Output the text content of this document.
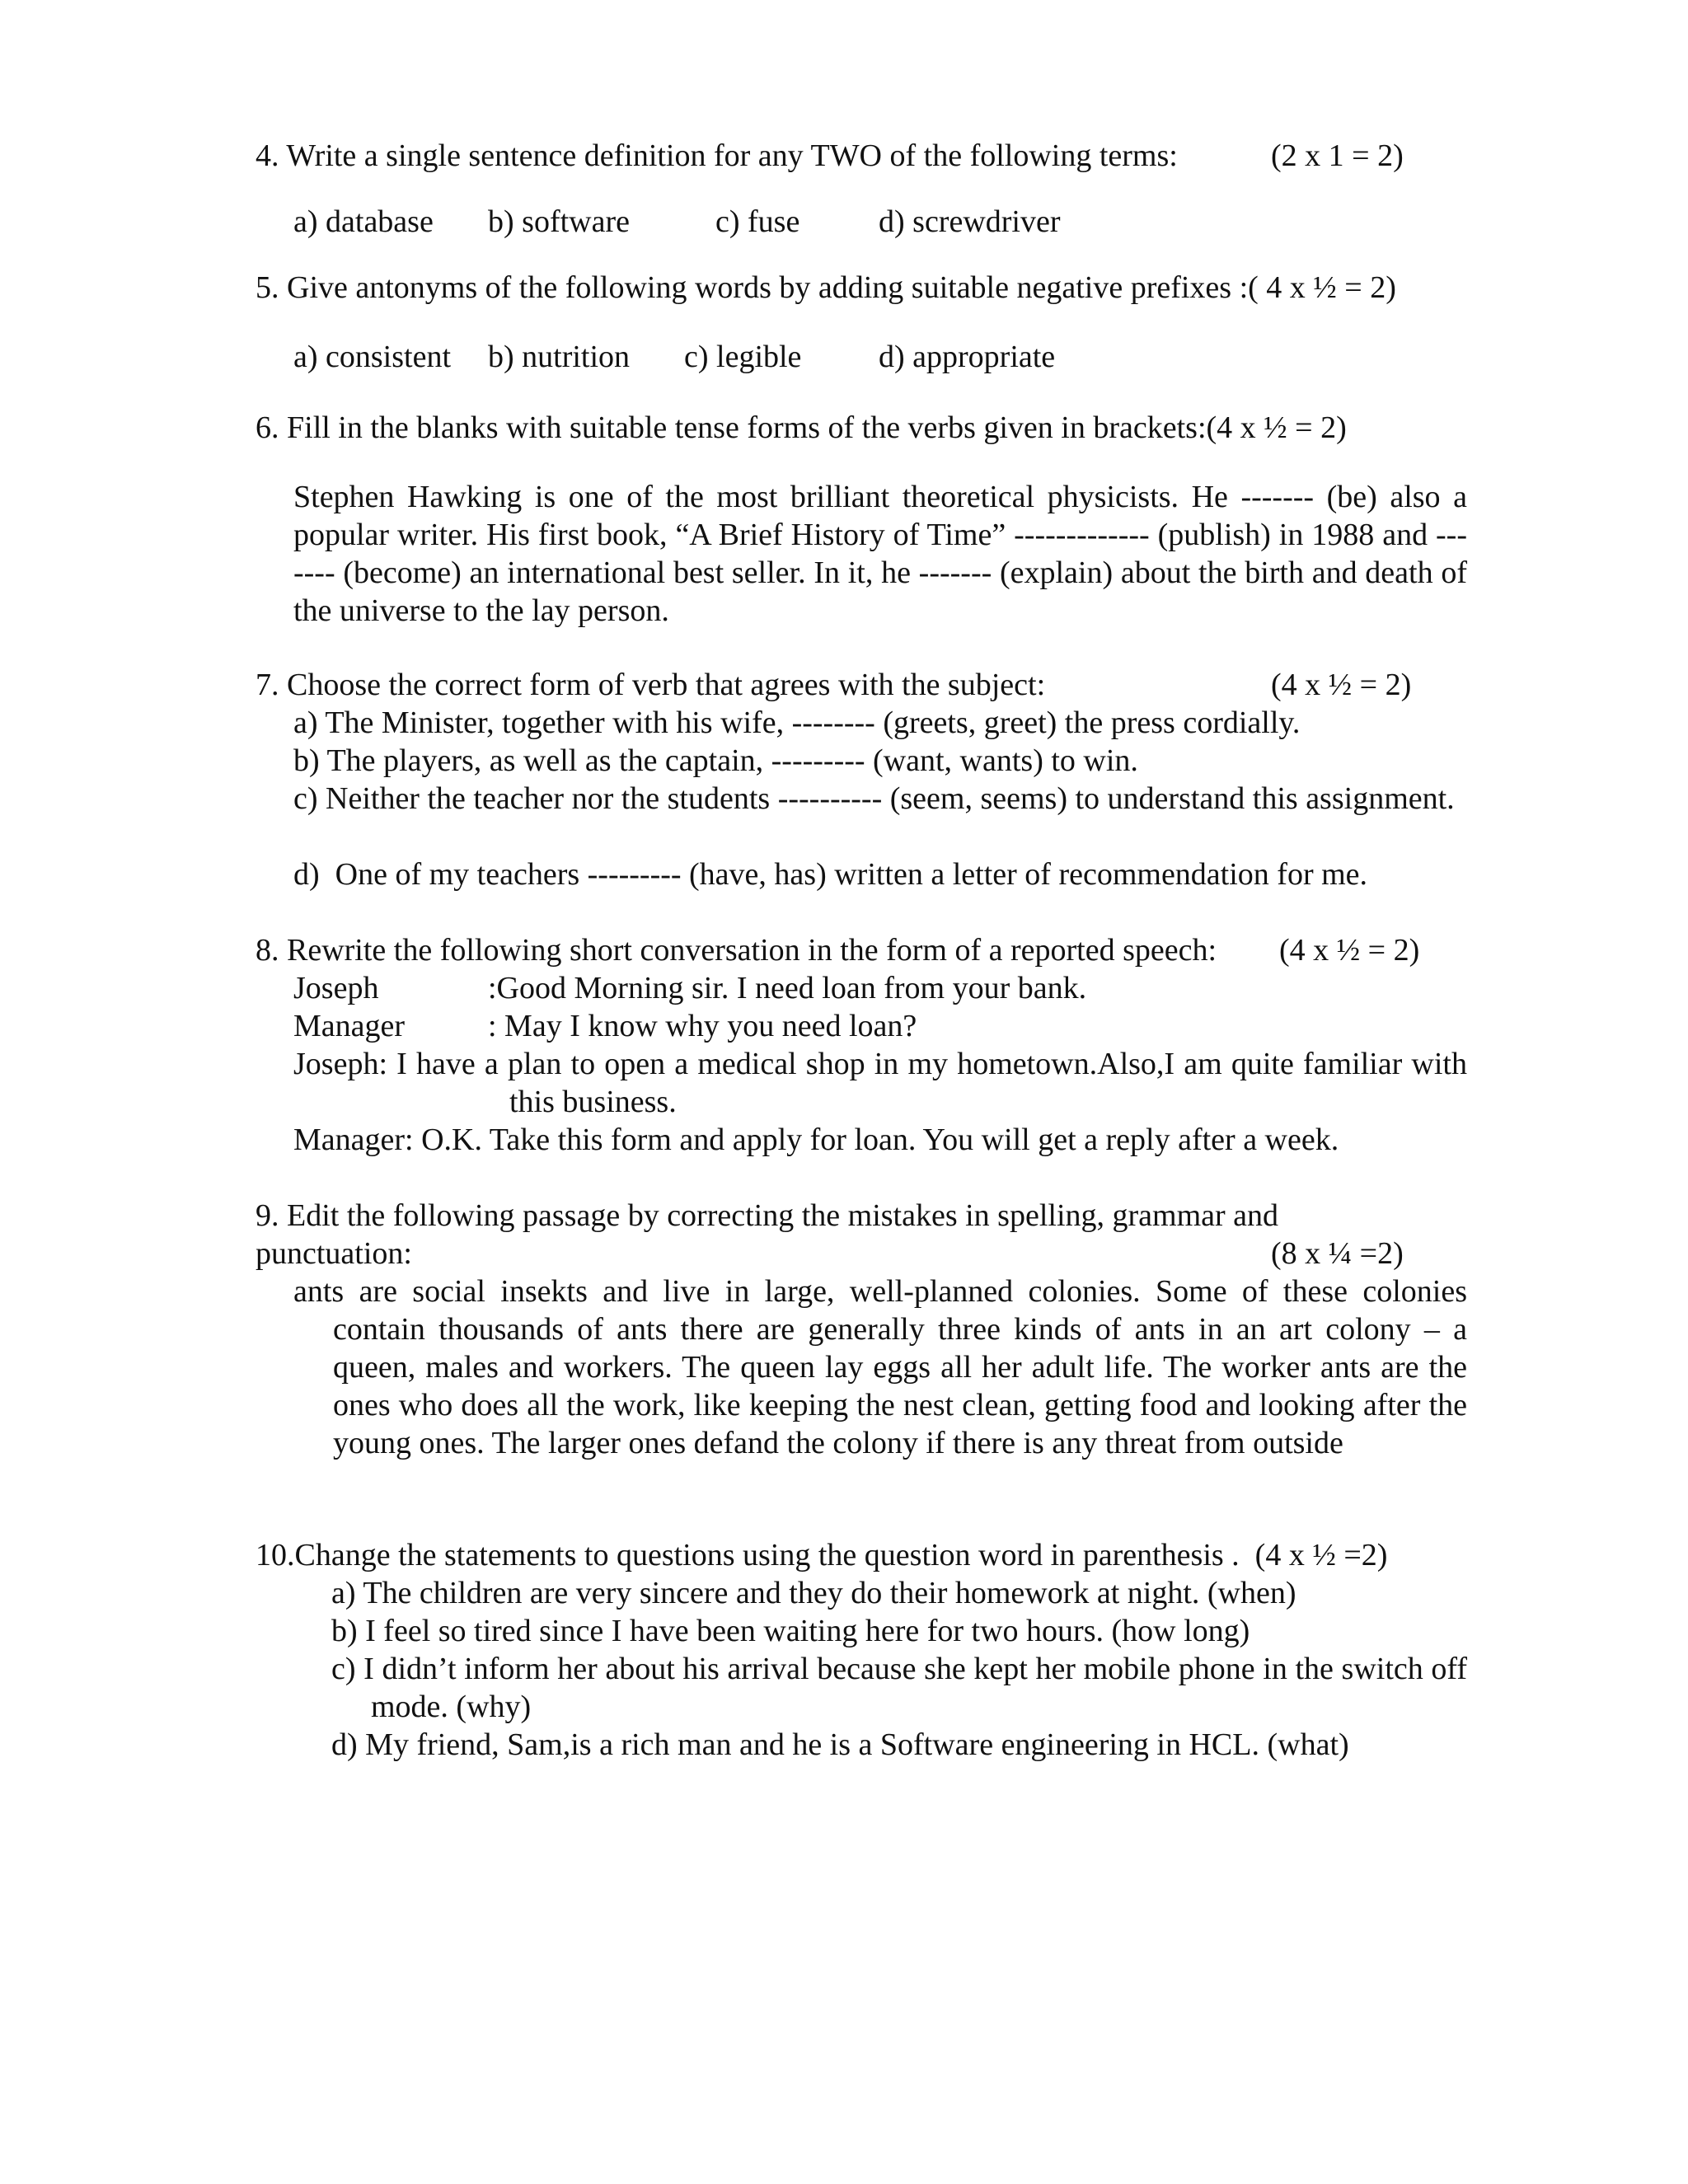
4. Write a single sentence definition for any TWO of the following terms:	(2 x 1 = 2)
a) database b) software	c) fuse	d) screwdriver
5. Give antonyms of the following words by adding suitable negative prefixes :( 4 x ½ = 2)
a) consistent b) nutrition c) legible d) appropriate
6. Fill in the blanks with suitable tense forms of the verbs given in brackets:(4 x ½ = 2)
Stephen Hawking is one of the most brilliant theoretical physicists. He ------- (be) also a popular writer. His first book, “A Brief History of Time” ------------- (publish) in 1988 and ------- (become) an international best seller. In it, he ------- (explain) about the birth and death of the universe to the lay person.
7. Choose the correct form of verb that agrees with the subject:	(4 x ½ = 2)
a) The Minister, together with his wife, -------- (greets, greet) the press cordially.
b) The players, as well as the captain, --------- (want, wants) to win.
c) Neither the teacher nor the students ---------- (seem, seems) to understand this assignment.
d)  One of my teachers --------- (have, has) written a letter of recommendation for me.
8. Rewrite the following short conversation in the form of a reported speech: (4 x ½ = 2)
Joseph	:Good Morning sir. I need loan from your bank.
Manager	: May I know why you need loan?
Joseph: I have a plan to open a medical shop in my hometown.Also,I am quite familiar with this business.
Manager: O.K. Take this form and apply for loan. You will get a reply after a week.
9. Edit the following passage by correcting the mistakes in spelling, grammar and
punctuation:	(8 x ¼ =2)
ants are social insekts and live in large, well-planned colonies. Some of these colonies contain thousands of ants there are generally three kinds of ants in an art colony – a queen, males and workers. The queen lay eggs all her adult life. The worker ants are the ones who does all the work, like keeping the nest clean, getting food and looking after the young ones. The larger ones defand the colony if there is any threat from outside
10.Change the statements to questions using the question word in parenthesis .  (4 x ½ =2)
a) The children are very sincere and they do their homework at night. (when)
b) I feel so tired since I have been waiting here for two hours. (how long)
c) I didn’t inform her about his arrival because she kept her mobile phone in the switch off mode. (why)
d) My friend, Sam,is a rich man and he is a Software engineering in HCL. (what)
